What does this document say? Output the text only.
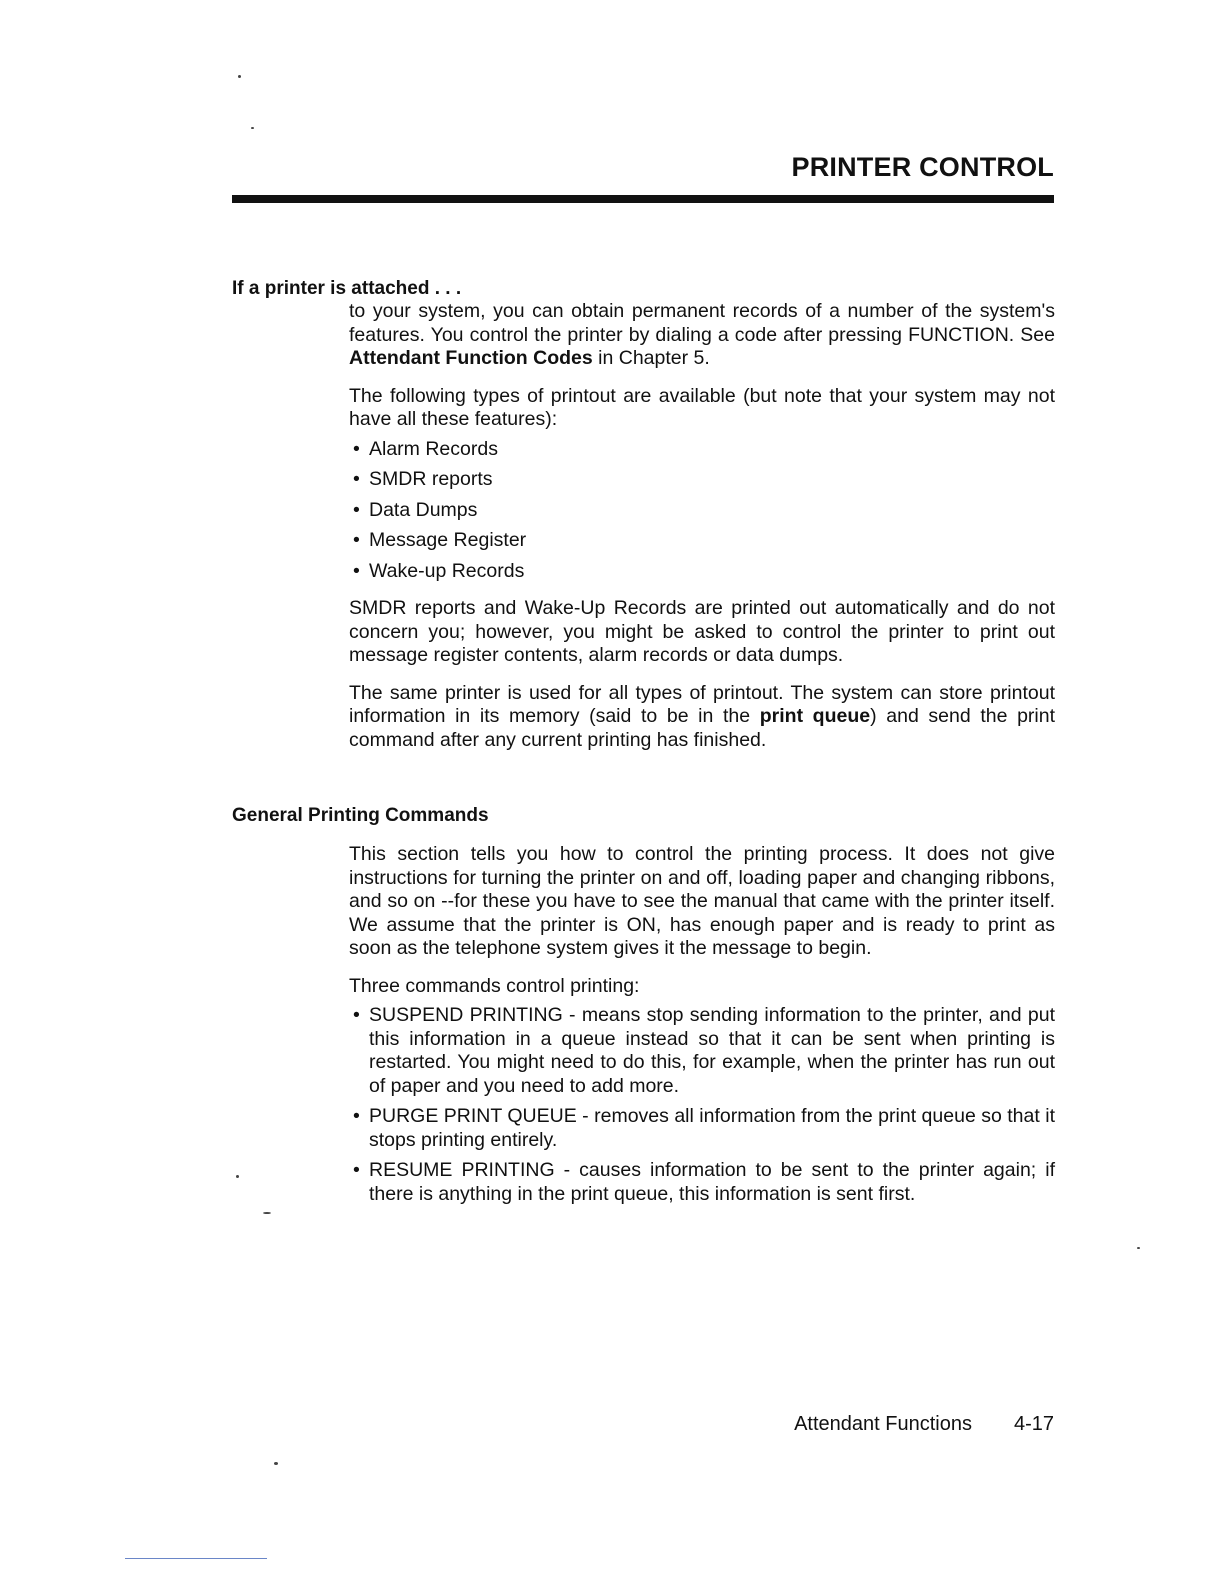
PRINTER CONTROL
If a printer is attached . . .

to your system, you can obtain permanent records of a number of the system's features. You control the printer by dialing a code after pressing FUNCTION. See Attendant Function Codes in Chapter 5.

The following types of printout are available (but note that your system may not have all these features):

• Alarm Records
• SMDR reports
• Data Dumps
• Message Register
• Wake-up Records

SMDR reports and Wake-Up Records are printed out automatically and do not concern you; however, you might be asked to control the printer to print out message register contents, alarm records or data dumps.

The same printer is used for all types of printout. The system can store printout information in its memory (said to be in the print queue) and send the print command after any current printing has finished.

General Printing Commands

This section tells you how to control the printing process. It does not give instructions for turning the printer on and off, loading paper and changing ribbons, and so on --for these you have to see the manual that came with the printer itself. We assume that the printer is ON, has enough paper and is ready to print as soon as the telephone system gives it the message to begin.

Three commands control printing:

• SUSPEND PRINTING - means stop sending information to the printer, and put this information in a queue instead so that it can be sent when printing is restarted. You might need to do this, for example, when the printer has run out of paper and you need to add more.
• PURGE PRINT QUEUE - removes all information from the print queue so that it stops printing entirely.
• RESUME PRINTING - causes information to be sent to the printer again; if there is anything in the print queue, this information is sent first.
Attendant Functions 4-17
